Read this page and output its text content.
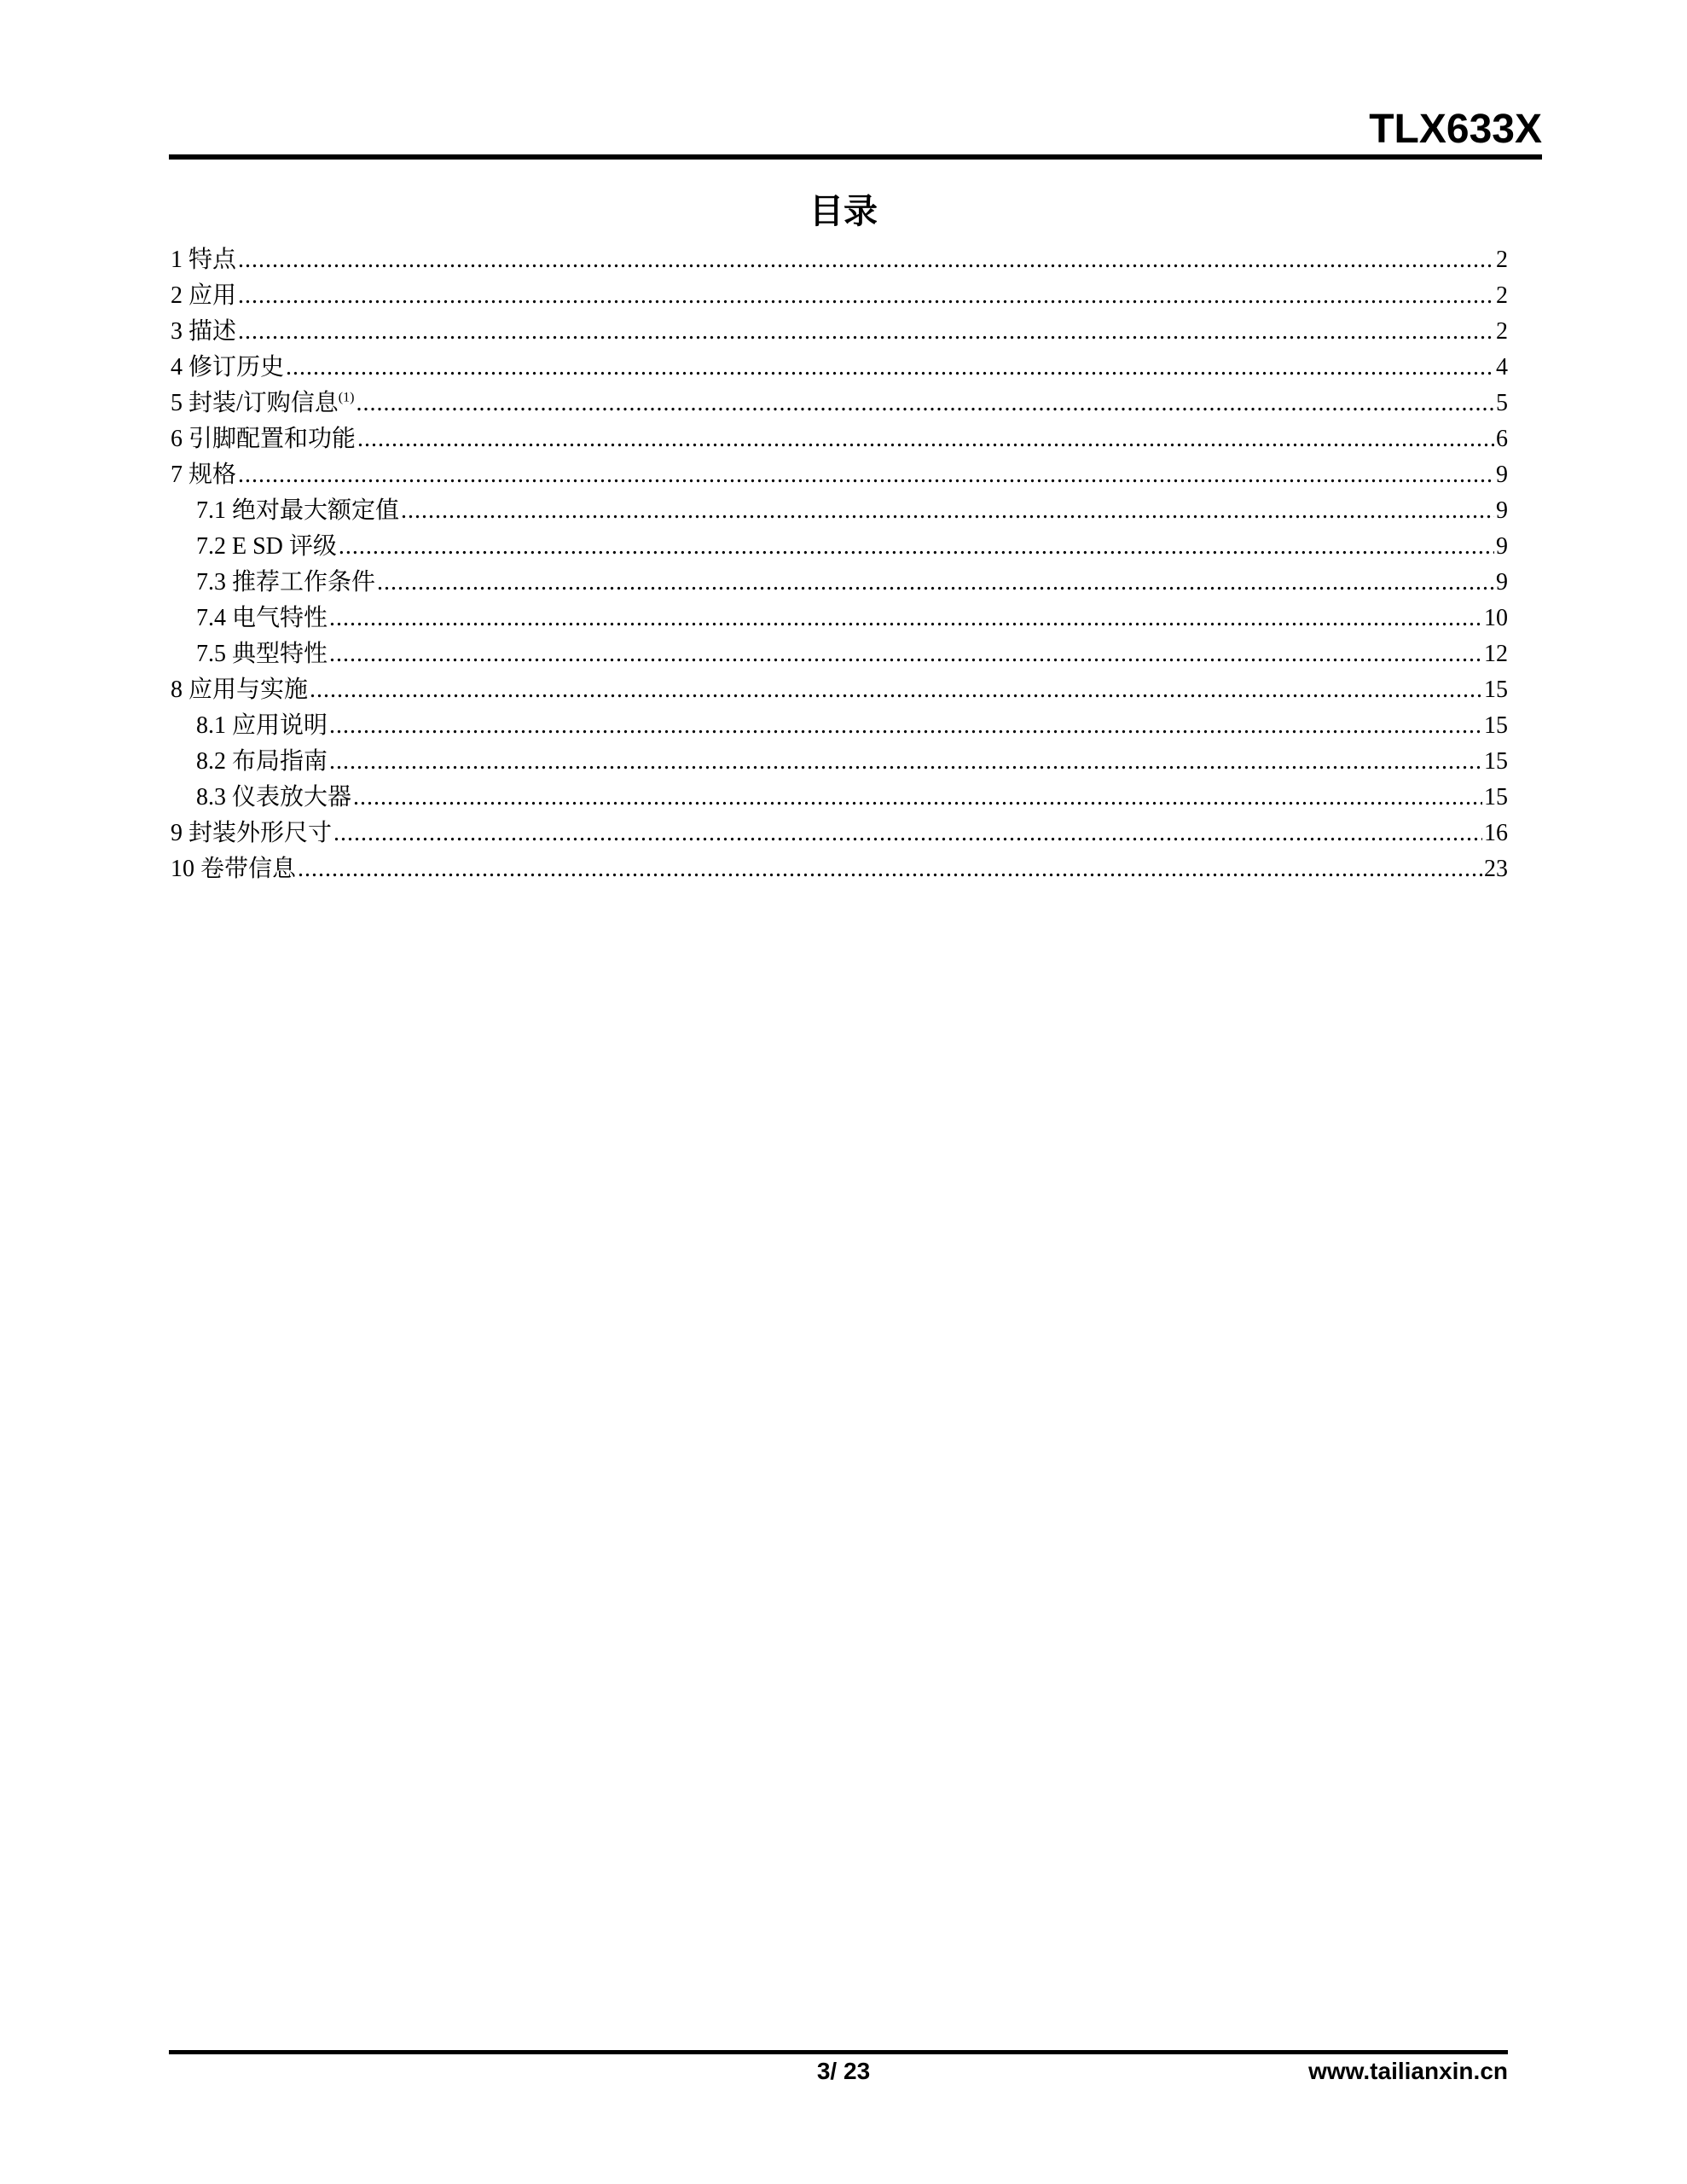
TLX633X
目录
1 特点 .....	2
2 应用 .....	2
3 描述 .....	2
4 修订历史 .....	4
5 封装/订购信息$^{(1)}$ .....	5
6 引脚配置和功能 .....	6
7 规格 .....	9
7.1 绝对最大额定值 .....	9
7.2 E SD 评级 .....	9
7.3 推荐工作条件 .....	9
7.4 电气特性 .....	10
7.5 典型特性 .....	12
8 应用与实施 .....	15
8.1 应用说明 .....	15
8.2 布局指南 .....	15
8.3 仪表放大器 .....	15
9 封装外形尺寸 .....	16
10 卷带信息 .....	23
3/ 23	www.tailianxin.cn
